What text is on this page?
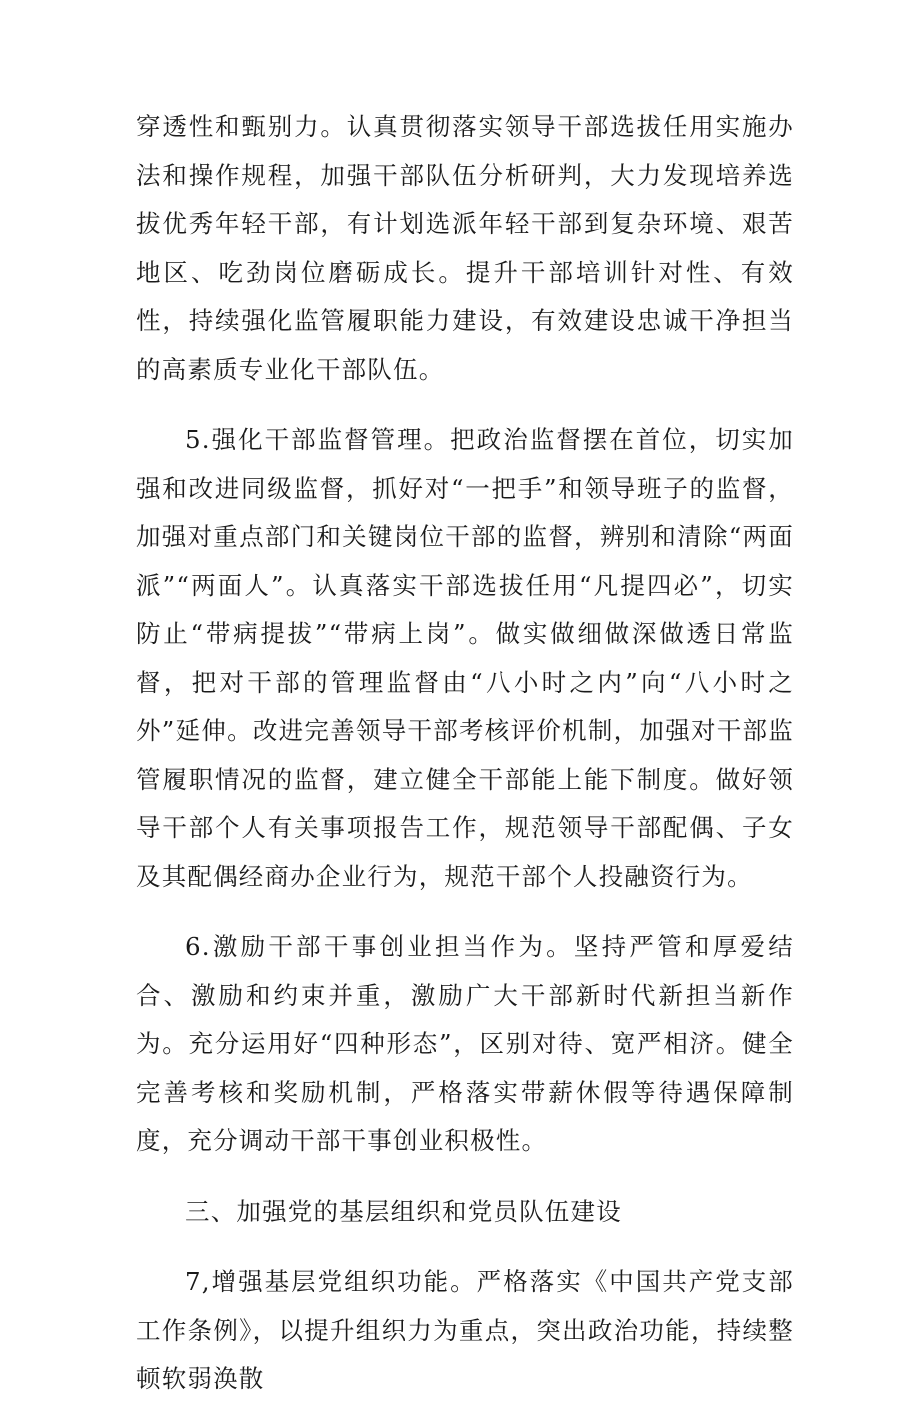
穿透性和甄别力。认真贯彻落实领导干部选拔任用实施办法和操作规程，加强干部队伍分析研判，大力发现培养选拔优秀年轻干部，有计划选派年轻干部到复杂环境、艰苦地区、吃劲岗位磨砺成长。提升干部培训针对性、有效性，持续强化监管履职能力建设，有效建设忠诚干净担当的高素质专业化干部队伍。

5.强化干部监督管理。把政治监督摆在首位，切实加强和改进同级监督，抓好对“一把手”和领导班子的监督，加强对重点部门和关键岗位干部的监督，辨别和清除“两面派”“两面人”。认真落实干部选拔任用“凡提四必”，切实防止“带病提拔”“带病上岗”。做实做细做深做透日常监督，把对干部的管理监督由“八小时之内”向“八小时之外”延伸。改进完善领导干部考核评价机制，加强对干部监管履职情况的监督，建立健全干部能上能下制度。做好领导干部个人有关事项报告工作，规范领导干部配偶、子女及其配偶经商办企业行为，规范干部个人投融资行为。

6.激励干部干事创业担当作为。坚持严管和厚爱结合、激励和约束并重，激励广大干部新时代新担当新作为。充分运用好“四种形态”，区别对待、宽严相济。健全完善考核和奖励机制，严格落实带薪休假等待遇保障制度，充分调动干部干事创业积极性。

三、加强党的基层组织和党员队伍建设

7,增强基层党组织功能。严格落实《中国共产党支部工作条例》，以提升组织力为重点，突出政治功能，持续整顿软弱涣散
